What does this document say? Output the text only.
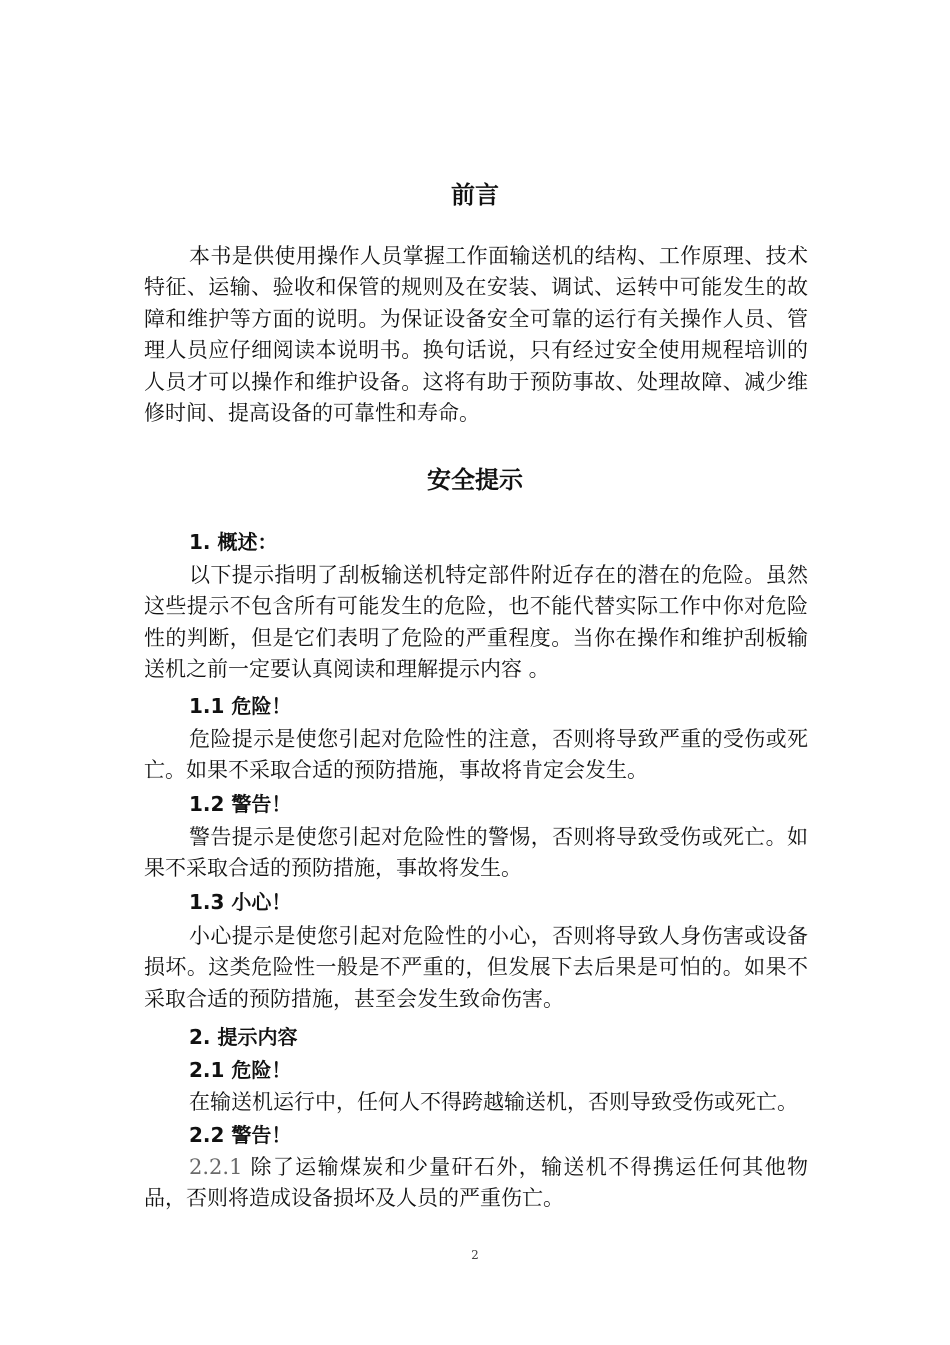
前言

本书是供使用操作人员掌握工作面输送机的结构、工作原理、技术特征、运输、验收和保管的规则及在安装、调试、运转中可能发生的故障和维护等方面的说明。为保证设备安全可靠的运行有关操作人员、管理人员应仔细阅读本说明书。换句话说，只有经过安全使用规程培训的人员才可以操作和维护设备。这将有助于预防事故、处理故障、减少维修时间、提高设备的可靠性和寿命。

安全提示
1. 概述：

以下提示指明了刮板输送机特定部件附近存在的潜在的危险。虽然这些提示不包含所有可能发生的危险，也不能代替实际工作中你对危险性的判断，但是它们表明了危险的严重程度。当你在操作和维护刮板输送机之前一定要认真阅读和理解提示内容 。

1.1 危险！

危险提示是使您引起对危险性的注意，否则将导致严重的受伤或死亡。如果不采取合适的预防措施，事故将肯定会发生。

1.2 警告！

警告提示是使您引起对危险性的警惕，否则将导致受伤或死亡。如果不采取合适的预防措施，事故将发生。

1.3 小心！

小心提示是使您引起对危险性的小心，否则将导致人身伤害或设备损坏。这类危险性一般是不严重的，但发展下去后果是可怕的。如果不采取合适的预防措施，甚至会发生致命伤害。

2. 提示内容
2.1 危险！

在输送机运行中，任何人不得跨越输送机，否则导致受伤或死亡。

2.2 警告！

2.2.1 除了运输煤炭和少量矸石外，输送机不得携运任何其他物品，否则将造成设备损坏及人员的严重伤亡。

2
